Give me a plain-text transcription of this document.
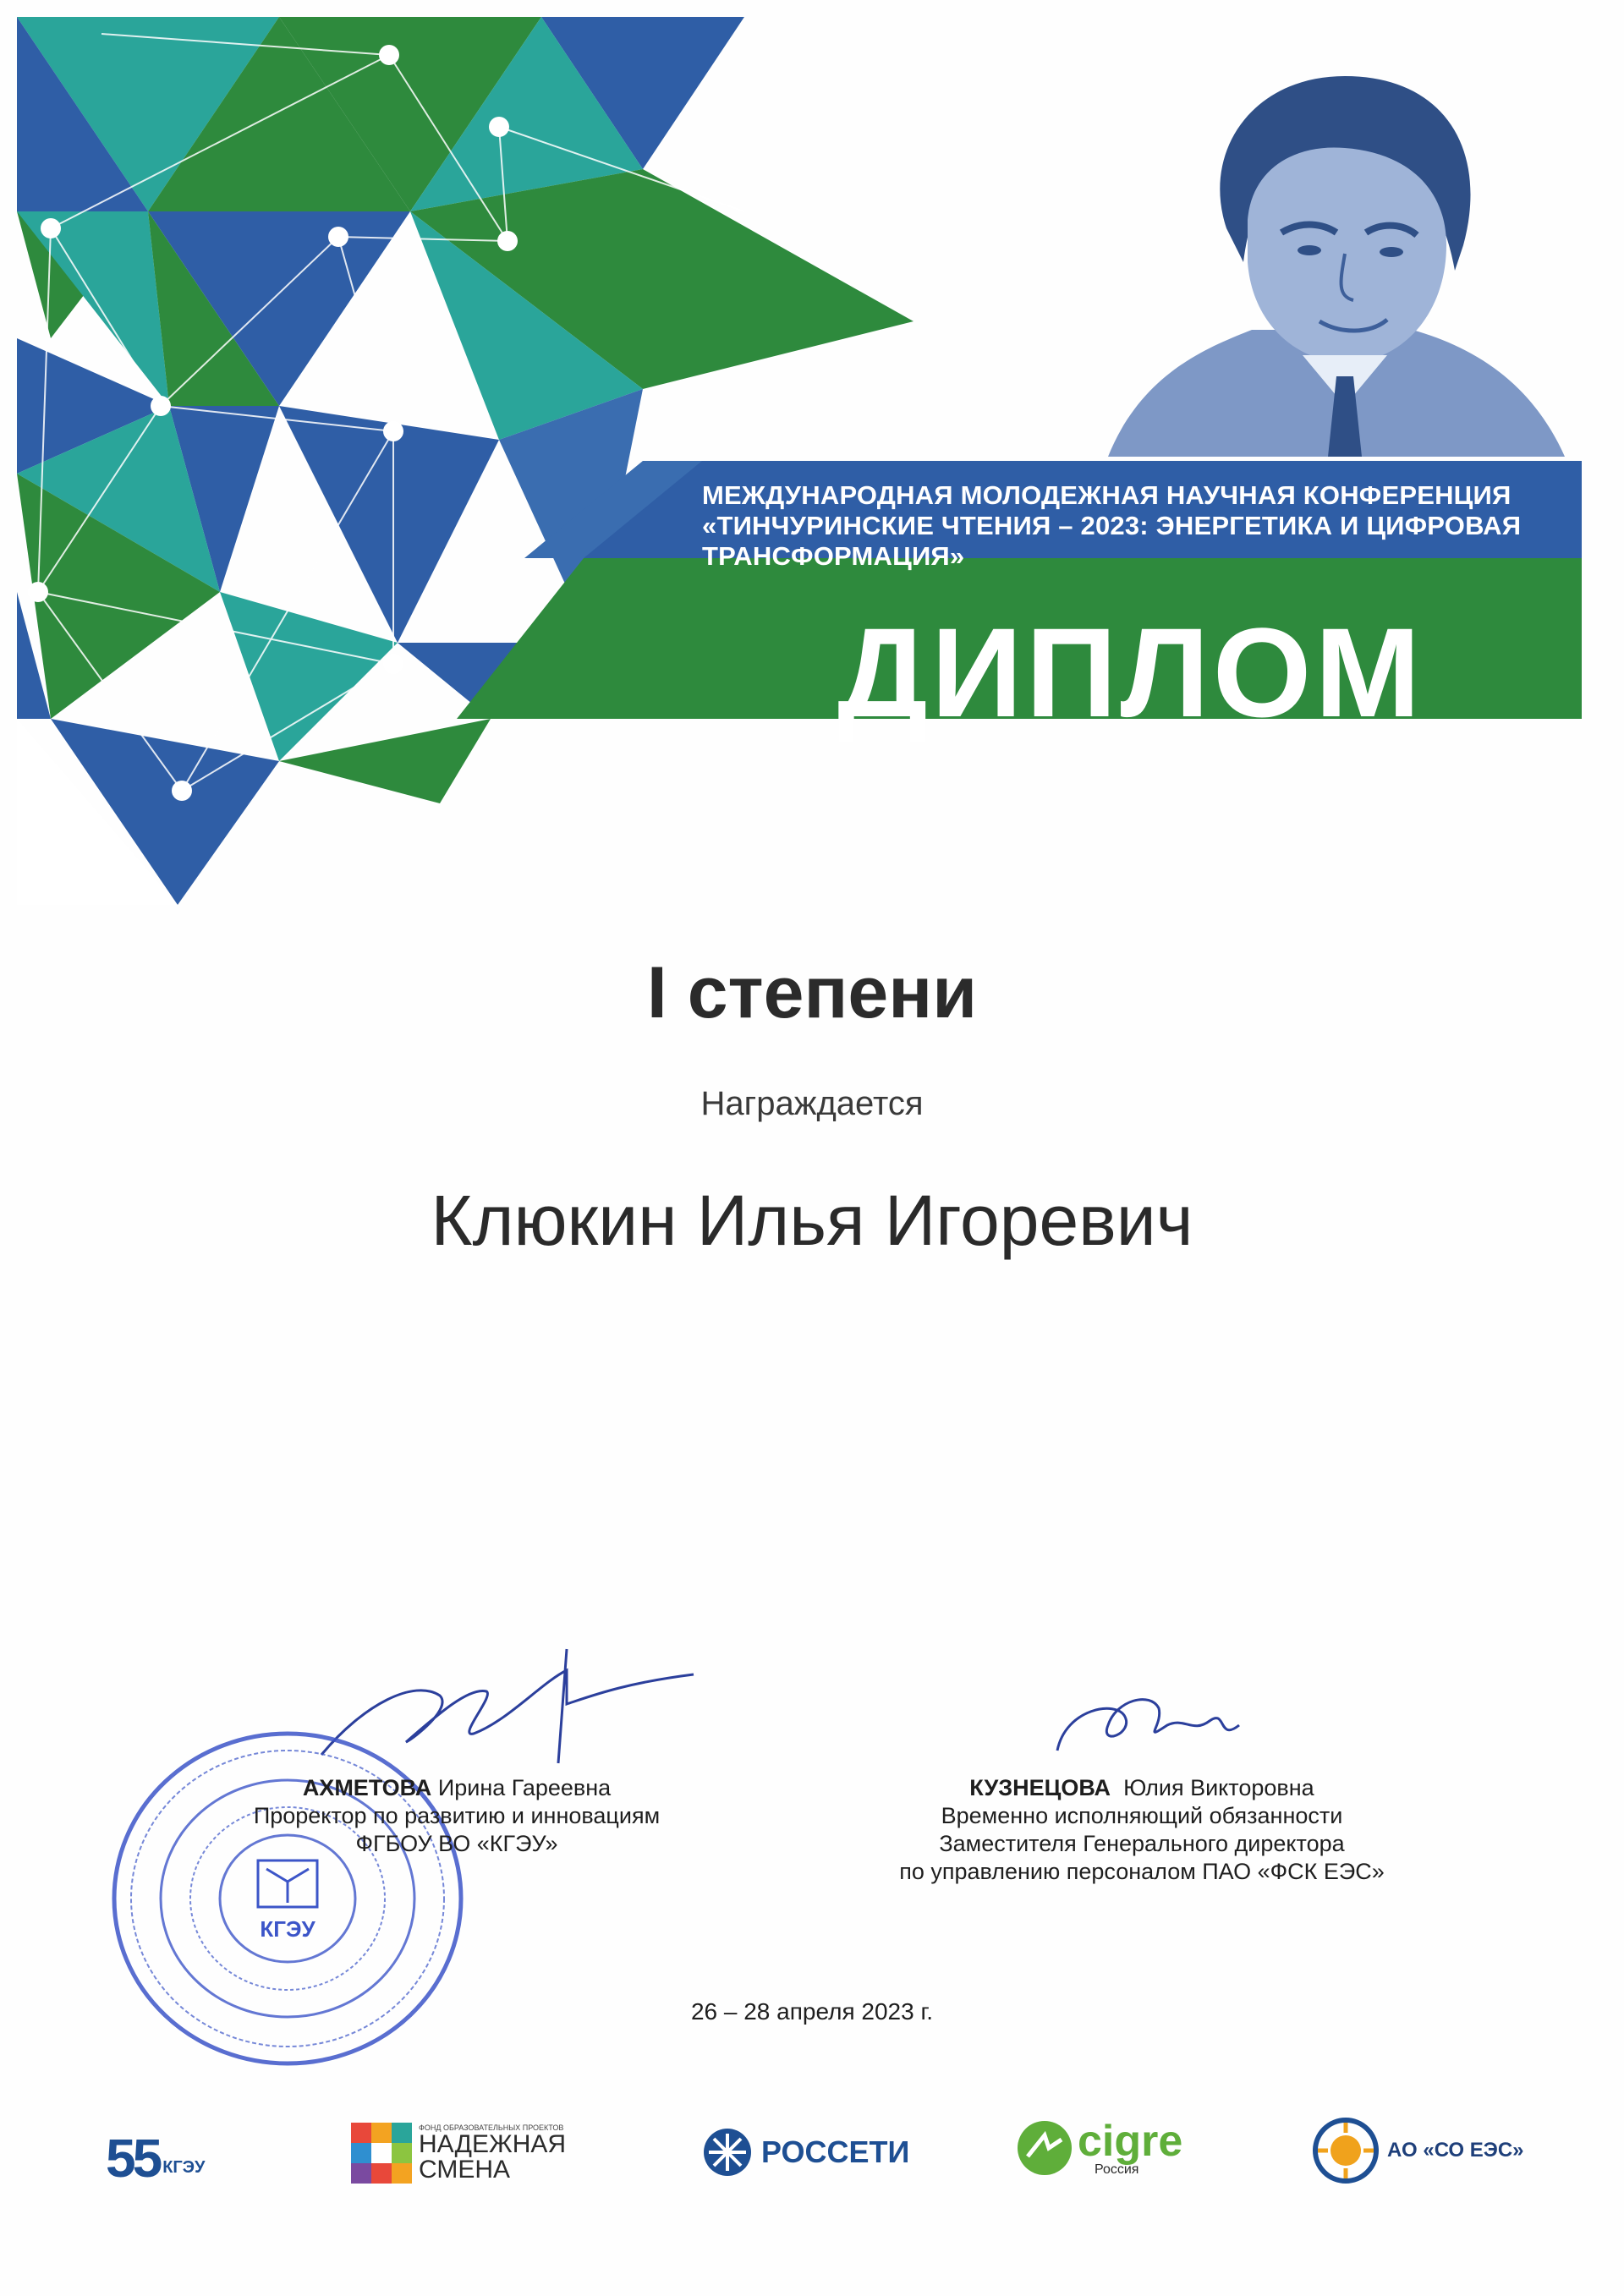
МЕЖДУНАРОДНАЯ МОЛОДЕЖНАЯ НАУЧНАЯ КОНФЕРЕНЦИЯ
«ТИНЧУРИНСКИЕ ЧТЕНИЯ – 2023: ЭНЕРГЕТИКА И ЦИФРОВАЯ
ТРАНСФОРМАЦИЯ»
ДИПЛОМ
I степени
Награждается
Клюкин Илья Игоревич
КГЭУ
АХМЕТОВА Ирина Гареевна
Проректор по развитию и инновациям
ФГБОУ ВО «КГЭУ»
КУЗНЕЦОВА Юлия Викторовна
Временно исполняющий обязанности
Заместителя Генерального директора
по управлению персоналом ПАО «ФСК ЕЭС»
26 – 28 апреля 2023 г.
55 КГЭУ
ФОНД ОБРАЗОВАТЕЛЬНЫХ ПРОЕКТОВ
НАДЕЖНАЯ
СМЕНА	РОССЕТИ	cigre
Россия
АО «СО ЕЭС»
